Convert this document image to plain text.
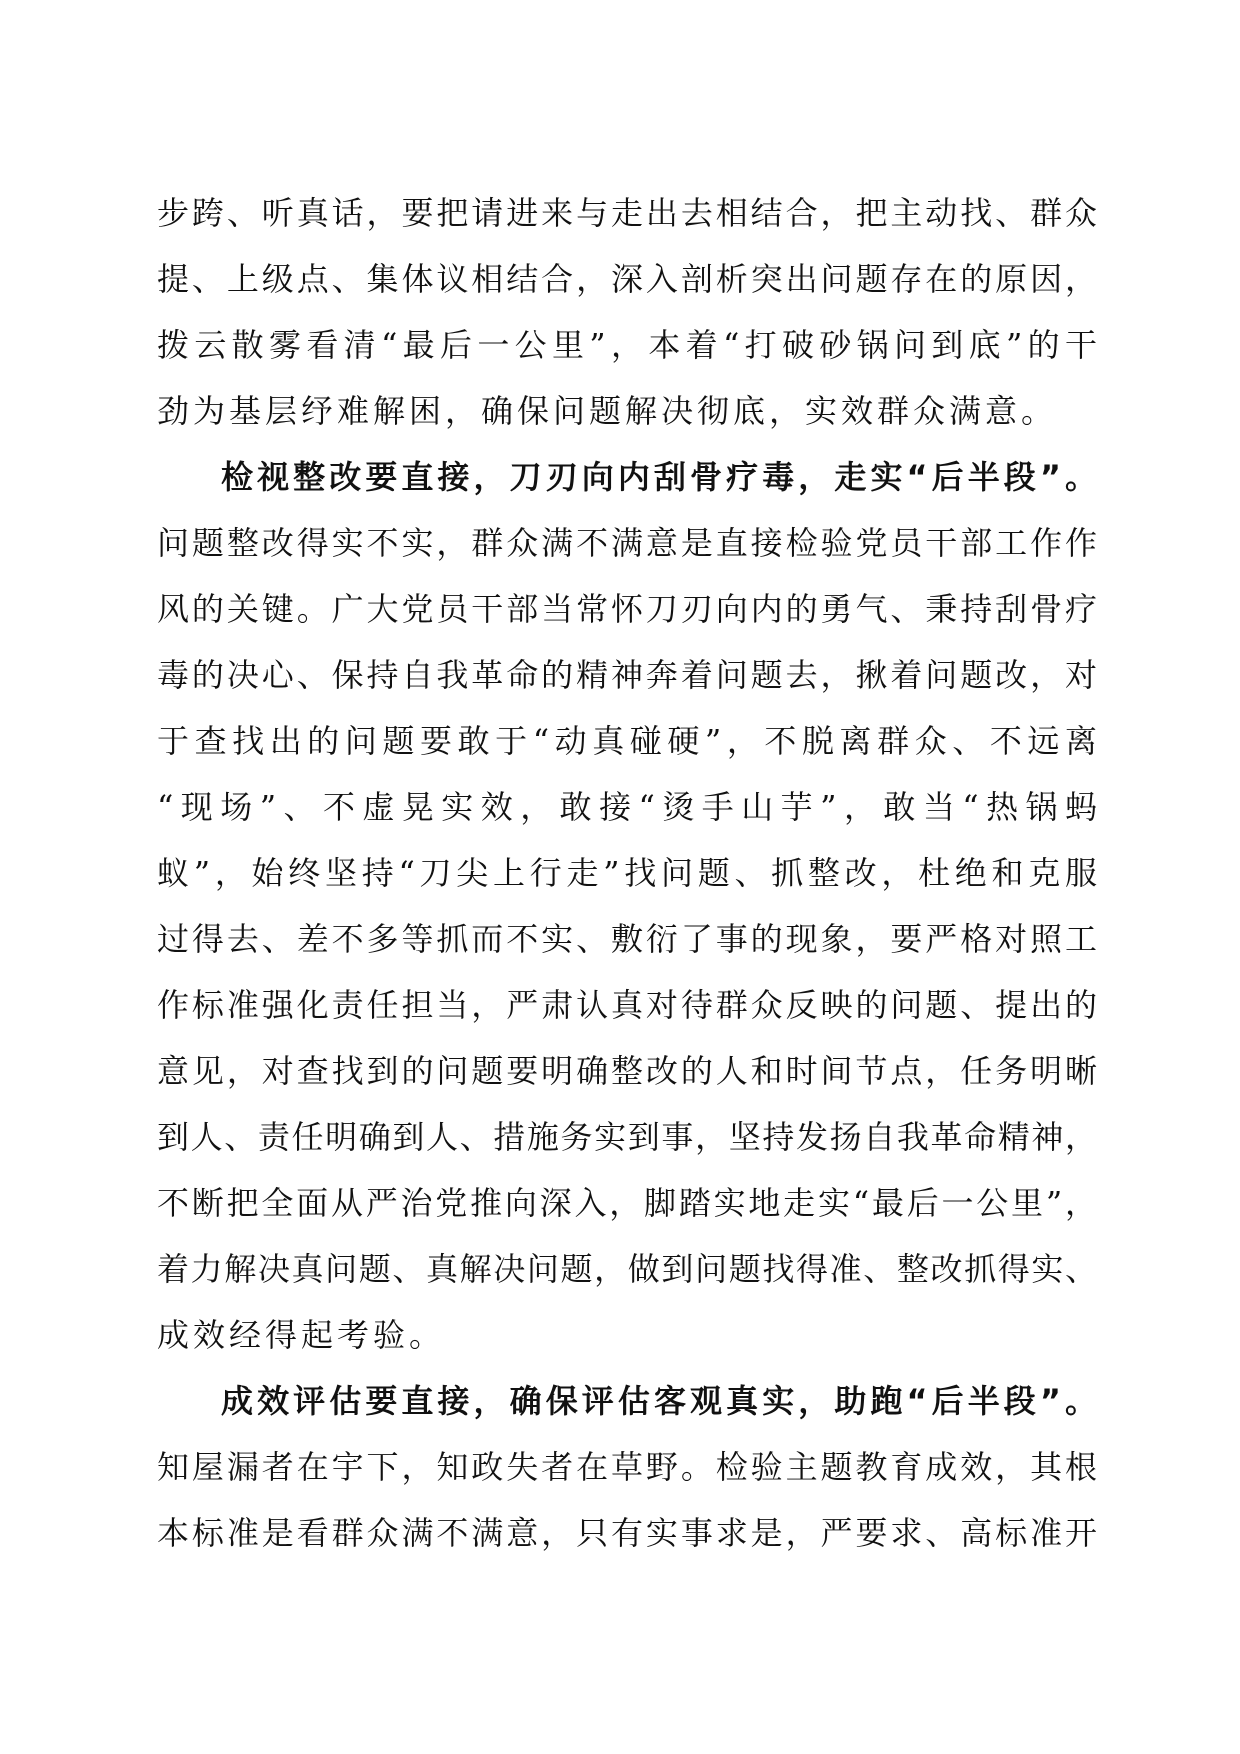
步跨、听真话，要把请进来与走出去相结合，把主动找、群众
提、上级点、集体议相结合，深入剖析突出问题存在的原因，
拨云散雾看清“最后一公里”，本着“打破砂锅问到底”的干
劲为基层纾难解困，确保问题解决彻底，实效群众满意。
检视整改要直接，刀刃向内刮骨疗毒，走实“后半段”。
问题整改得实不实，群众满不满意是直接检验党员干部工作作
风的关键。广大党员干部当常怀刀刃向内的勇气、秉持刮骨疗
毒的决心、保持自我革命的精神奔着问题去，揪着问题改，对
于查找出的问题要敢于“动真碰硬”，不脱离群众、不远离
“现场”、不虚晃实效，敢接“烫手山芋”，敢当“热锅蚂
蚁”，始终坚持“刀尖上行走”找问题、抓整改，杜绝和克服
过得去、差不多等抓而不实、敷衍了事的现象，要严格对照工
作标准强化责任担当，严肃认真对待群众反映的问题、提出的
意见，对查找到的问题要明确整改的人和时间节点，任务明晰
到人、责任明确到人、措施务实到事，坚持发扬自我革命精神，
不断把全面从严治党推向深入，脚踏实地走实“最后一公里”，
着力解决真问题、真解决问题，做到问题找得准、整改抓得实、
成效经得起考验。
成效评估要直接，确保评估客观真实，助跑“后半段”。
知屋漏者在宇下，知政失者在草野。检验主题教育成效，其根
本标准是看群众满不满意，只有实事求是，严要求、高标准开
